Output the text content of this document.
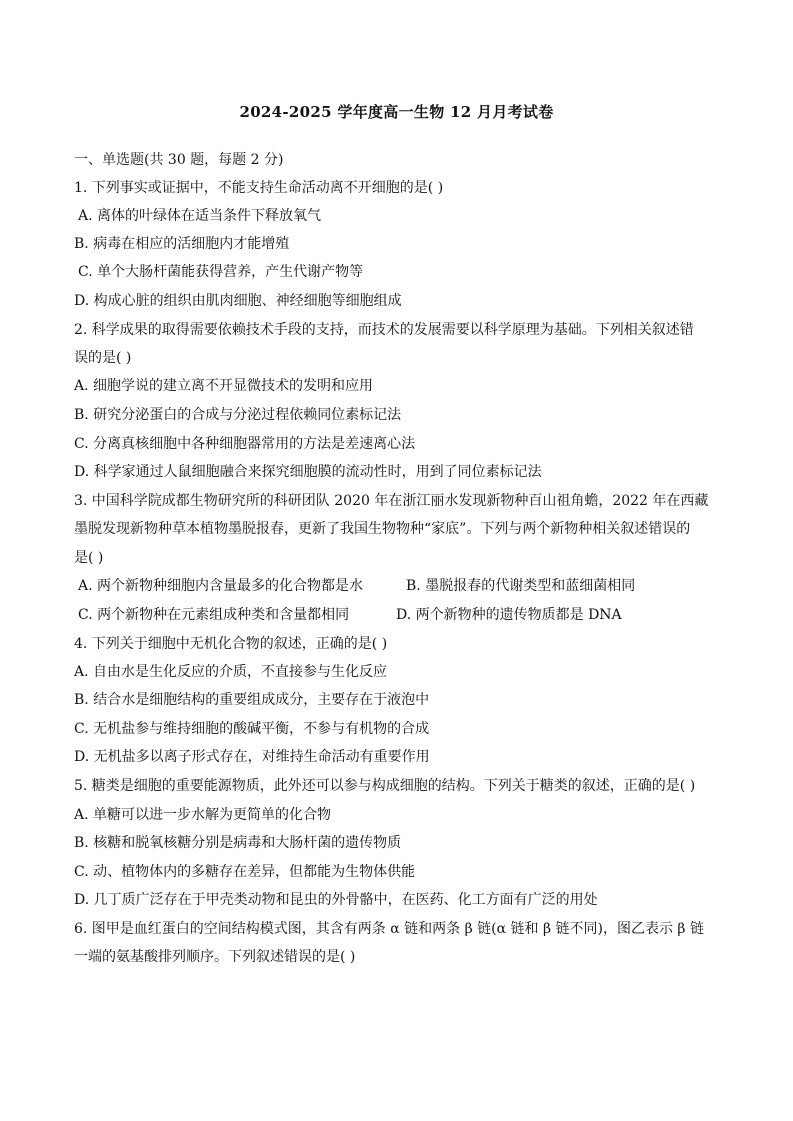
2024-2025 学年度高一生物 12 月月考试卷
一、单选题(共 30 题，每题 2 分)
1. 下列事实或证据中，不能支持生命活动离不开细胞的是( )
A. 离体的叶绿体在适当条件下释放氧气
B. 病毒在相应的活细胞内才能增殖
C. 单个大肠杆菌能获得营养，产生代谢产物等
D. 构成心脏的组织由肌肉细胞、神经细胞等细胞组成
2. 科学成果的取得需要依赖技术手段的支持，而技术的发展需要以科学原理为基础。下列相关叙述错
误的是( )
A. 细胞学说的建立离不开显微技术的发明和应用
B. 研究分泌蛋白的合成与分泌过程依赖同位素标记法
C. 分离真核细胞中各种细胞器常用的方法是差速离心法
D. 科学家通过人鼠细胞融合来探究细胞膜的流动性时，用到了同位素标记法
3. 中国科学院成都生物研究所的科研团队 2020 年在浙江丽水发现新物种百山祖角蟾，2022 年在西藏
墨脱发现新物种草本植物墨脱报春，更新了我国生物物种“家底”。下列与两个新物种相关叙述错误的
是( )
A. 两个新物种细胞内含量最多的化合物都是水	B. 墨脱报春的代谢类型和蓝细菌相同
C. 两个新物种在元素组成种类和含量都相同	D. 两个新物种的遗传物质都是 DNA
4. 下列关于细胞中无机化合物的叙述，正确的是( )
A. 自由水是生化反应的介质，不直接参与生化反应
B. 结合水是细胞结构的重要组成成分，主要存在于液泡中
C. 无机盐参与维持细胞的酸碱平衡，不参与有机物的合成
D. 无机盐多以离子形式存在，对维持生命活动有重要作用
5. 糖类是细胞的重要能源物质，此外还可以参与构成细胞的结构。下列关于糖类的叙述，正确的是( )
A. 单糖可以进一步水解为更简单的化合物
B. 核糖和脱氧核糖分别是病毒和大肠杆菌的遗传物质
C. 动、植物体内的多糖存在差异，但都能为生物体供能
D. 几丁质广泛存在于甲壳类动物和昆虫的外骨骼中，在医药、化工方面有广泛的用处
6. 图甲是血红蛋白的空间结构模式图，其含有两条 α 链和两条 β 链(α 链和 β 链不同)，图乙表示 β 链
一端的氨基酸排列顺序。下列叙述错误的是( )
